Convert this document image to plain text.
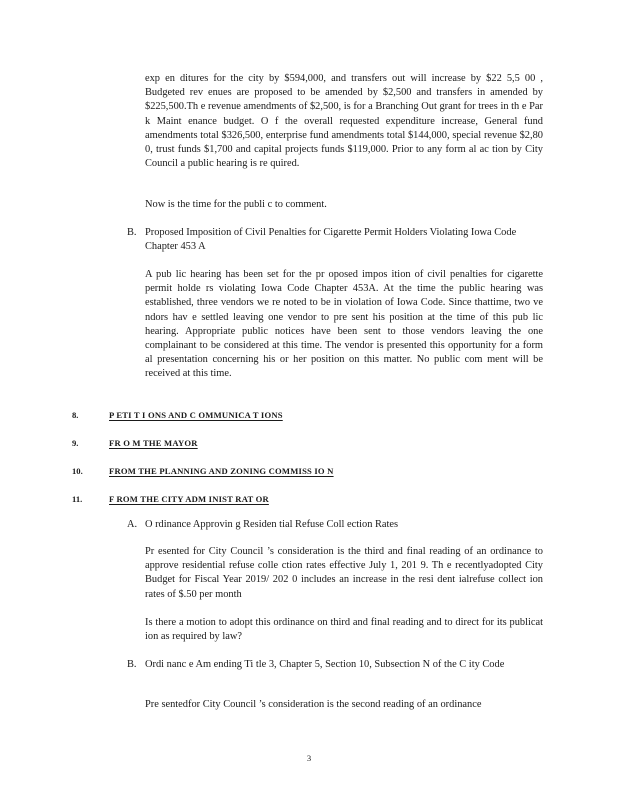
exp en ditures for the city by $594,000, and transfers out will increase by $22 5,5 00 , Budgeted rev enues are proposed to be amended by $2,500 and transfers in amended by $225,500.Th e revenue amendments of $2,500, is for a Branching Out grant for trees in th e Par k Maint enance budget. O f the overall requested expenditure increase, General fund amendments total $326,500, enterprise fund amendments total $144,000, special revenue $2,80 0, trust funds $1,700 and capital projects funds $119,000. Prior to any form al ac tion by City Council a public hearing is re quired.
Now is the time for the publi c to comment.
B. Proposed Imposition of Civil Penalties for Cigarette Permit Holders Violating Iowa Code Chapter 453 A
A pub lic hearing has been set for the pr oposed impos ition of civil penalties for cigarette permit holde rs violating Iowa Code Chapter 453A. At the time the public hearing was established, three vendors we re noted to be in violation of Iowa Code. Since thattime, two ve ndors hav e settled leaving one vendor to pre sent his position at the time of this pub lic hearing. Appropriate public notices have been sent to those vendors leaving the one complainant to be considered at this time. The vendor is presented this opportunity for a form al presentation concerning his or her position on this matter. No public com ment will be received at this time.
8.	P ETI T I ONS AND C OMMUNICA T IONS
9.	FR O M THE MAYOR
10.	FROM THE PLANNING AND ZONING COMMISS IO N
11.	F ROM THE CITY ADM INIST RAT OR
A. O rdinance Approvin g Residen tial Refuse Coll ection Rates
Pr esented for City Council ’s consideration is the third and final reading of an ordinance to approve residential refuse colle ction rates effective July 1, 201 9. Th e recentlyadopted City Budget for Fiscal Year 2019/ 202 0 includes an increase in the resi dent ialrefuse collect ion rates of $.50 per month
Is there a motion to adopt this ordinance on third and final reading and to direct for its publicat ion as required by law?
B. Ordi nanc e Am ending Ti tle 3, Chapter 5, Section 10, Subsection N of the C ity Code
Pre sentedfor City Council ’s consideration is the second reading of an ordinance
3
